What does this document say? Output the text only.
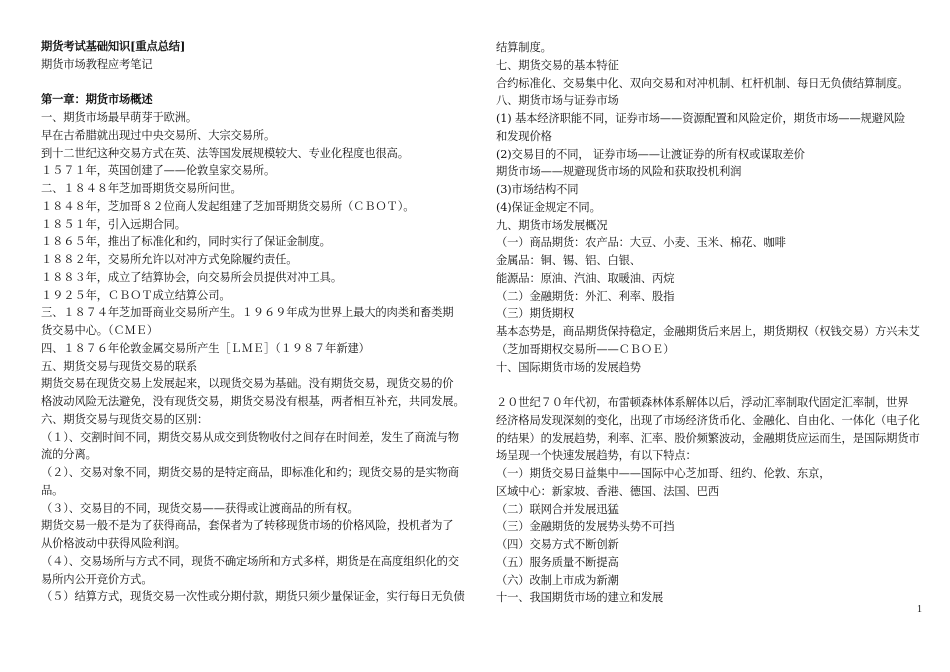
期货考试基础知识[重点总结]
期货市场教程应考笔记
第一章：期货市场概述
一、期货市场最早萌芽于欧洲。
早在古希腊就出现过中央交易所、大宗交易所。
到十二世纪这种交易方式在英、法等国发展规模较大、专业化程度也很高。
１５７１年，英国创建了——伦敦皇家交易所。
二、１８４８年芝加哥期货交易所问世。
１８４８年，芝加哥８２位商人发起组建了芝加哥期货交易所（ＣＢＯＴ）。
１８５１年，引入远期合同。
１８６５年，推出了标准化和约，同时实行了保证金制度。
１８８２年，交易所允许以对冲方式免除履约责任。
１８８３年，成立了结算协会，向交易所会员提供对冲工具。
１９２５年，ＣＢＯＴ成立结算公司。
三、１８７４年芝加哥商业交易所产生。１９６９年成为世界上最大的肉类和畜类期
货交易中心。（ＣＭＥ）
四、１８７６年伦敦金属交易所产生［ＬＭＥ］（１９８７年新建）
五、期货交易与现货交易的联系
期货交易在现货交易上发展起来，以现货交易为基础。没有期货交易，现货交易的价
格波动风险无法避免，没有现货交易，期货交易没有根基，两者相互补充，共同发展。
六、期货交易与现货交易的区别：
（１）、交割时间不同，期货交易从成交到货物收付之间存在时间差，发生了商流与物
流的分离。
（２）、交易对象不同，期货交易的是特定商品，即标准化和约；现货交易的是实物商
品。
（３）、交易目的不同，现货交易——获得或让渡商品的所有权。
期货交易一般不是为了获得商品，套保者为了转移现货市场的价格风险，投机者为了
从价格波动中获得风险利润。
（４）、交易场所与方式不同，现货不确定场所和方式多样，期货是在高度组织化的交
易所内公开竞价方式。
（５）结算方式，现货交易一次性或分期付款，期货只须少量保证金，实行每日无负债
结算制度。
七、期货交易的基本特征
合约标准化、交易集中化、双向交易和对冲机制、杠杆机制、每日无负债结算制度。
八、期货市场与证券市场
(1) 基本经济职能不同，证券市场——资源配置和风险定价，期货市场——规避风险
和发现价格
(2)交易目的不同， 证券市场——让渡证券的所有权或谋取差价
期货市场——规避现货市场的风险和获取投机利润
(3)市场结构不同
(4)保证金规定不同。
九、期货市场发展概况
（一）商品期货：农产品：大豆、小麦、玉米、棉花、咖啡
金属品：铜、锡、铝、白银、
能源品：原油、汽油、取暖油、丙烷
（二）金融期货：外汇、利率、股指
（三）期货期权
基本态势是，商品期货保持稳定，金融期货后来居上，期货期权（权钱交易）方兴未艾
（芝加哥期权交易所——ＣＢＯＥ）
十、国际期货市场的发展趋势
２０世纪７０年代初，布雷顿森林体系解体以后，浮动汇率制取代固定汇率制，世界
经济格局发现深刻的变化，出现了市场经济货币化、金融化、自由化、一体化（电子化
的结果）的发展趋势，利率、汇率、股价频繁波动，金融期货应运而生，是国际期货市
场呈现一个快速发展趋势，有以下特点：
（一）期货交易日益集中——国际中心芝加哥、纽约、伦敦、东京，
区域中心：新家坡、香港、德国、法国、巴西
（二）联网合并发展迅猛
（三）金融期货的发展势头势不可挡
（四）交易方式不断创新
（五）服务质量不断提高
（六）改制上市成为新潮
十一、我国期货市场的建立和发展
1
